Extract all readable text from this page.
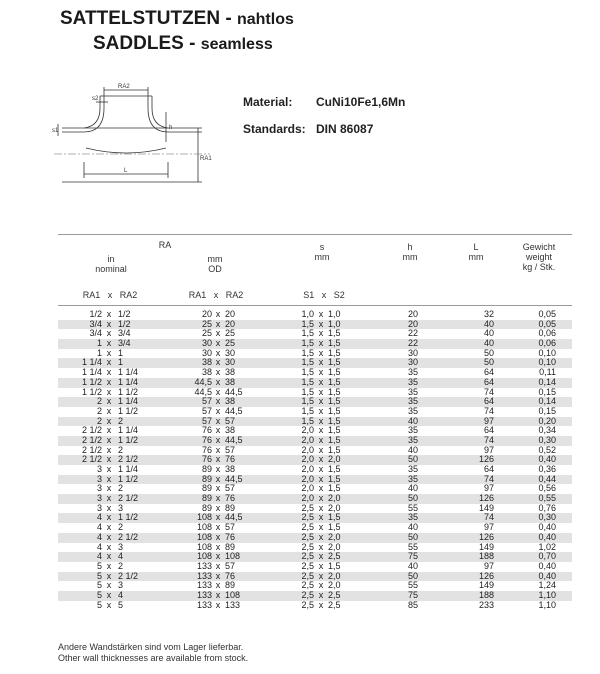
SATTELSTUTZEN - nahtlos
SADDLES - seamless
RA2
s2
s1	h
L
RA1
Material: CuNi10Fe1,6Mn
Standards: DIN 86087
RA
in
nominal
mm
OD
s
mm
h
mm
L
mm
Gewicht
weight
kg / Stk.
RA1   x   RA2	RA1   x   RA2	S1   x   S2
1/2 x 1/2	20 x 20	1,0 x 1,0	20	32	0,05
3/4 x 1/2	25 x 20	1,5 x 1,0	20	40	0,05
3/4 x 3/4	25 x 25	1,5 x 1,5	22	40	0,06
1 x 3/4	30 x 25	1,5 x 1,5	22	40	0,06
1 x 1	30 x 30	1,5 x 1,5	30	50	0,10
1 1/4 x 1	38 x 30	1,5 x 1,5	30	50	0,10
1 1/4 x 1 1/4	38 x 38	1,5 x 1,5	35	64	0,11
1 1/2 x 1 1/4	44,5 x 38	1,5 x 1,5	35	64	0,14
1 1/2 x 1 1/2	44,5 x 44,5	1,5 x 1,5	35	74	0,15
2 x 1 1/4	57 x 38	1,5 x 1,5	35	64	0,14
2 x 1 1/2	57 x 44,5	1,5 x 1,5	35	74	0,15
2 x 2	57 x 57	1,5 x 1,5	40	97	0,20
2 1/2 x 1 1/4	76 x 38	2,0 x 1,5	35	64	0,34
2 1/2 x 1 1/2	76 x 44,5	2,0 x 1,5	35	74	0,30
2 1/2 x 2	76 x 57	2,0 x 1,5	40	97	0,52
2 1/2 x 2 1/2	76 x 76	2,0 x 2,0	50	126	0,40
3 x 1 1/4	89 x 38	2,0 x 1,5	35	64	0,36
3 x 1 1/2	89 x 44,5	2,0 x 1,5	35	74	0,44
3 x 2	89 x 57	2,0 x 1,5	40	97	0,56
3 x 2 1/2	89 x 76	2,0 x 2,0	50	126	0,55
3 x 3	89 x 89	2,5 x 2,0	55	149	0,76
4 x 1 1/2	108 x 44,5	2,5 x 1,5	35	74	0,30
4 x 2	108 x 57	2,5 x 1,5	40	97	0,40
4 x 2 1/2	108 x 76	2,5 x 2,0	50	126	0,40
4 x 3	108 x 89	2,5 x 2,0	55	149	1,02
4 x 4	108 x 108	2,5 x 2,5	75	188	0,70
5 x 2	133 x 57	2,5 x 1,5	40	97	0,40
5 x 2 1/2	133 x 76	2,5 x 2,0	50	126	0,40
5 x 3	133 x 89	2,5 x 2,0	55	149	1,24
5 x 4	133 x 108	2,5 x 2,5	75	188	1,10
5 x 5	133 x 133	2,5 x 2,5	85	233	1,10
Andere Wandstärken sind vom Lager lieferbar.
Other wall thicknesses are available from stock.
